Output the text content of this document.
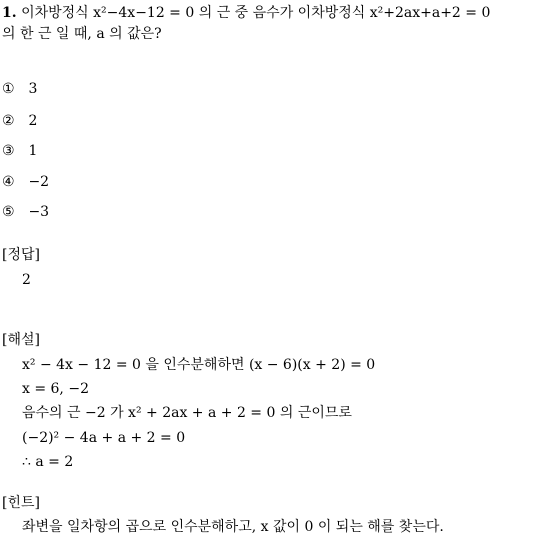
1. 이차방정식 x²−4x−12 = 0 의 근 중 음수가 이차방정식 x²+2ax+a+2 = 0
의 한 근 일 때, a 의 값은?
① 3
② 2
③ 1
④ −2
⑤ −3
[정답]
2
[해설]
x² − 4x − 12 = 0 을 인수분해하면 (x − 6)(x + 2) = 0
x = 6, −2
음수의 근 −2 가 x² + 2ax + a + 2 = 0 의 근이므로
(−2)² − 4a + a + 2 = 0
∴ a = 2
[힌트]
좌변을 일차항의 곱으로 인수분해하고, x 값이 0 이 되는 해를 찾는다.
